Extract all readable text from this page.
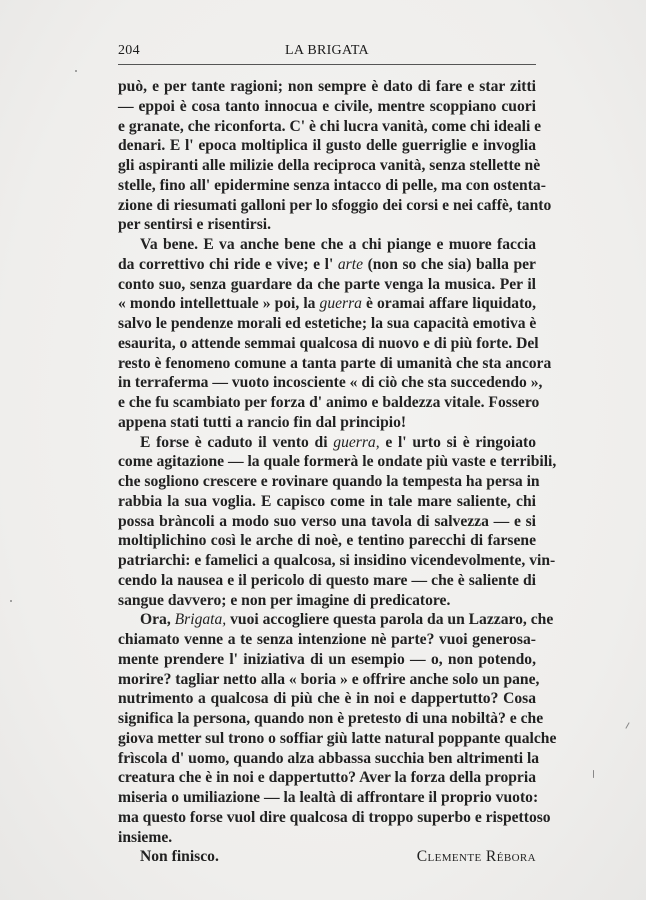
204	LA BRIGATA
può, e per tante ragioni; non sempre è dato di fare e star zitti
— eppoi è cosa tanto innocua e civile, mentre scoppiano cuori
e granate, che riconforta. C' è chi lucra vanità, come chi ideali e
denari. E l' epoca moltiplica il gusto delle guerriglie e invoglia
gli aspiranti alle milizie della reciproca vanità, senza stellette nè
stelle, fino all' epidermine senza intacco di pelle, ma con ostenta-
zione di riesumati galloni per lo sfoggio dei corsi e nei caffè, tanto
per sentirsi e risentirsi.
Va bene. E va anche bene che a chi piange e muore faccia
da correttivo chi ride e vive; e l' arte (non so che sia) balla per
conto suo, senza guardare da che parte venga la musica. Per il
« mondo intellettuale » poi, la guerra è oramai affare liquidato,
salvo le pendenze morali ed estetiche; la sua capacità emotiva è
esaurita, o attende semmai qualcosa di nuovo e di più forte. Del
resto è fenomeno comune a tanta parte di umanità che sta ancora
in terraferma — vuoto incosciente « di ciò che sta succedendo »,
e che fu scambiato per forza d' animo e baldezza vitale. Fossero
appena stati tutti a rancio fin dal principio!
E forse è caduto il vento di guerra, e l' urto si è ringoiato
come agitazione — la quale formerà le ondate più vaste e terribili,
che sogliono crescere e rovinare quando la tempesta ha persa in
rabbia la sua voglia. E capisco come in tale mare saliente, chi
possa bràncoli a modo suo verso una tavola di salvezza — e si
moltiplichino così le arche di noè, e tentino parecchi di farsene
patriarchi: e famelici a qualcosa, si insidino vicendevolmente, vin-
cendo la nausea e il pericolo di questo mare — che è saliente di
sangue davvero; e non per imagine di predicatore.
Ora, Brigata, vuoi accogliere questa parola da un Lazzaro, che
chiamato venne a te senza intenzione nè parte? vuoi generosa-
mente prendere l' iniziativa di un esempio — o, non potendo,
morire? tagliar netto alla « boria » e offrire anche solo un pane,
nutrimento a qualcosa di più che è in noi e dappertutto? Cosa
significa la persona, quando non è pretesto di una nobiltà? e che
giova metter sul trono o soffiar giù latte natural poppante qualche
frìscola d' uomo, quando alza abbassa succhia ben altrimenti la
creatura che è in noi e dappertutto? Aver la forza della propria
miseria o umiliazione — la lealtà di affrontare il proprio vuoto:
ma questo forse vuol dire qualcosa di troppo superbo e rispettoso
insieme.
Non finisco.	Clemente Rébora
